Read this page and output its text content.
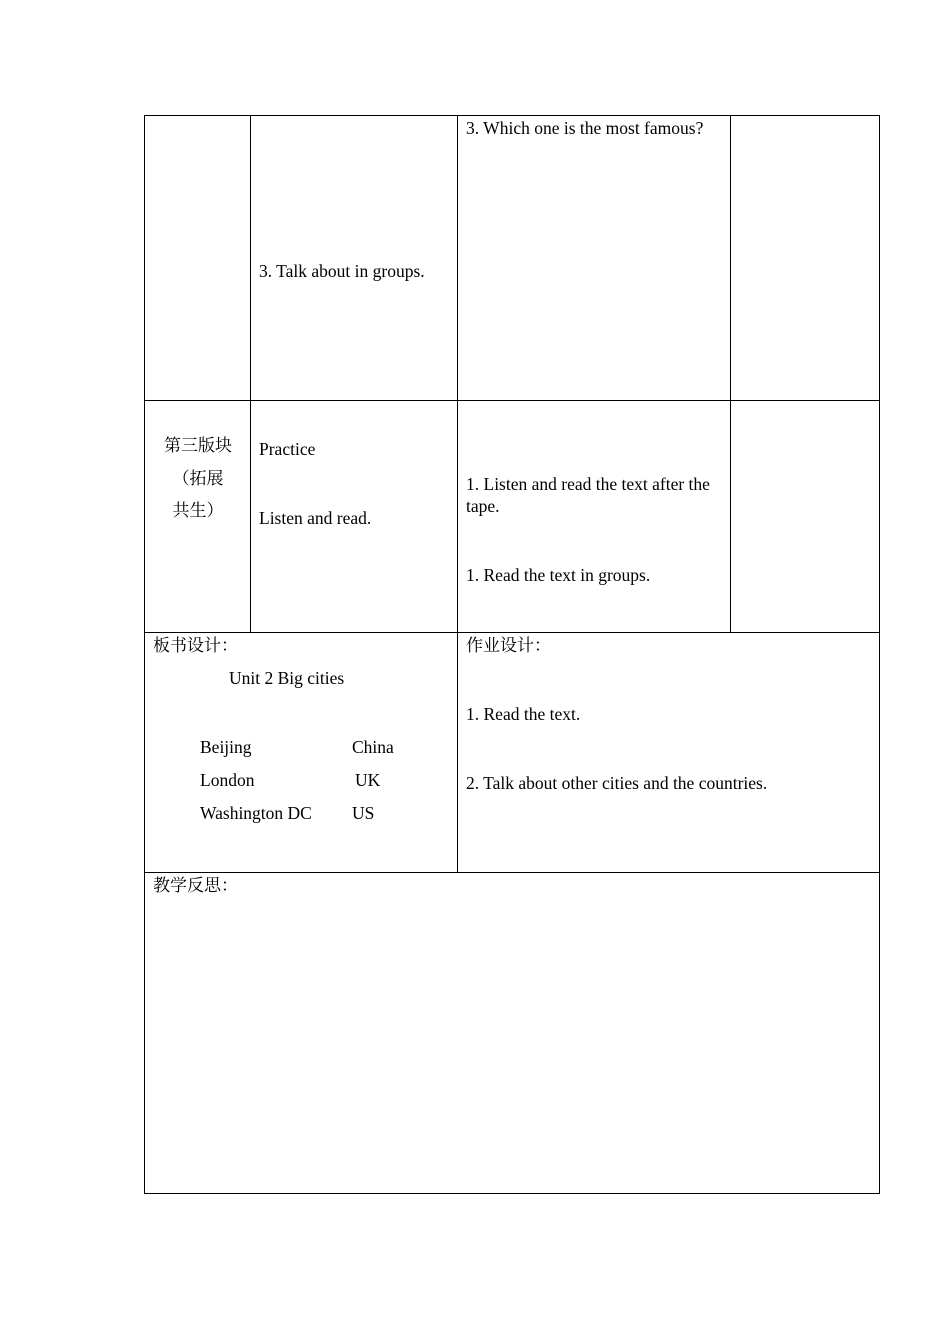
3. Talk about in groups.
3. Which one is the most famous?
第三版块
（拓展
共生）
Practice
Listen and read.
1. Listen and read the text after the tape.
1. Read the text in groups.
板书设计：
Unit 2 Big cities
Beijing	China
London	UK
Washington DC US
作业设计：
1. Read the text.
2. Talk about other cities and the countries.
教学反思：
